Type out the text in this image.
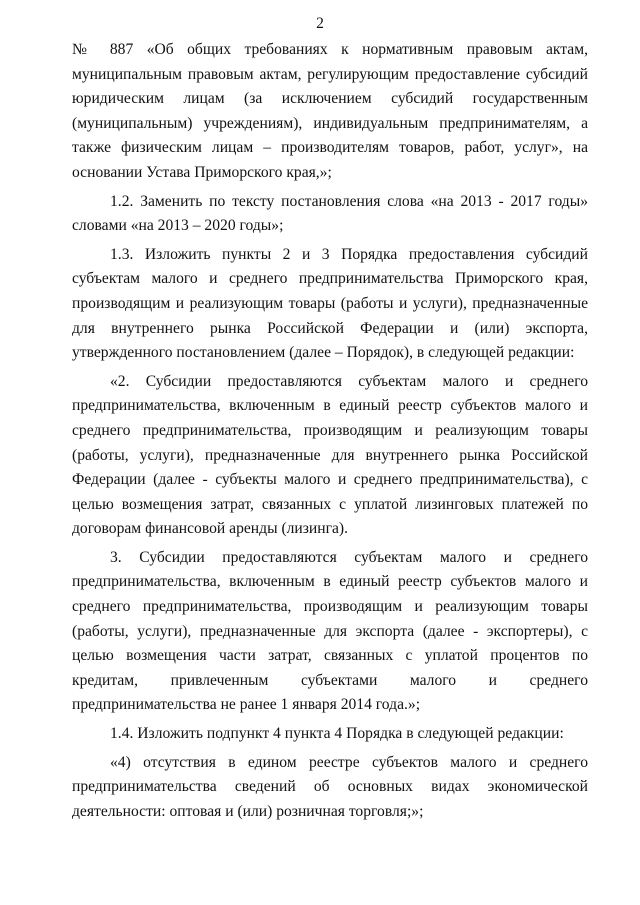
2

№ 887 «Об общих требованиях к нормативным правовым актам, муниципальным правовым актам, регулирующим предоставление субсидий юридическим лицам (за исключением субсидий государственным (муниципальным) учреждениям), индивидуальным предпринимателям, а также физическим лицам – производителям товаров, работ, услуг», на основании Устава Приморского края,»;

1.2. Заменить по тексту постановления слова «на 2013 - 2017 годы» словами «на 2013 – 2020 годы»;

1.3. Изложить пункты 2 и 3 Порядка предоставления субсидий субъектам малого и среднего предпринимательства Приморского края, производящим и реализующим товары (работы и услуги), предназначенные для внутреннего рынка Российской Федерации и (или) экспорта, утвержденного постановлением (далее – Порядок), в следующей редакции:

«2. Субсидии предоставляются субъектам малого и среднего предпринимательства, включенным в единый реестр субъектов малого и среднего предпринимательства, производящим и реализующим товары (работы, услуги), предназначенные для внутреннего рынка Российской Федерации (далее - субъекты малого и среднего предпринимательства), с целью возмещения затрат, связанных с уплатой лизинговых платежей по договорам финансовой аренды (лизинга).

3. Субсидии предоставляются субъектам малого и среднего предпринимательства, включенным в единый реестр субъектов малого и среднего предпринимательства, производящим и реализующим товары (работы, услуги), предназначенные для экспорта (далее - экспортеры), с целью возмещения части затрат, связанных с уплатой процентов по кредитам, привлеченным субъектами малого и среднего предпринимательства не ранее 1 января 2014 года.»;

1.4. Изложить подпункт 4 пункта 4 Порядка в следующей редакции:

«4) отсутствия в едином реестре субъектов малого и среднего предпринимательства сведений об основных видах экономической деятельности: оптовая и (или) розничная торговля;»;
